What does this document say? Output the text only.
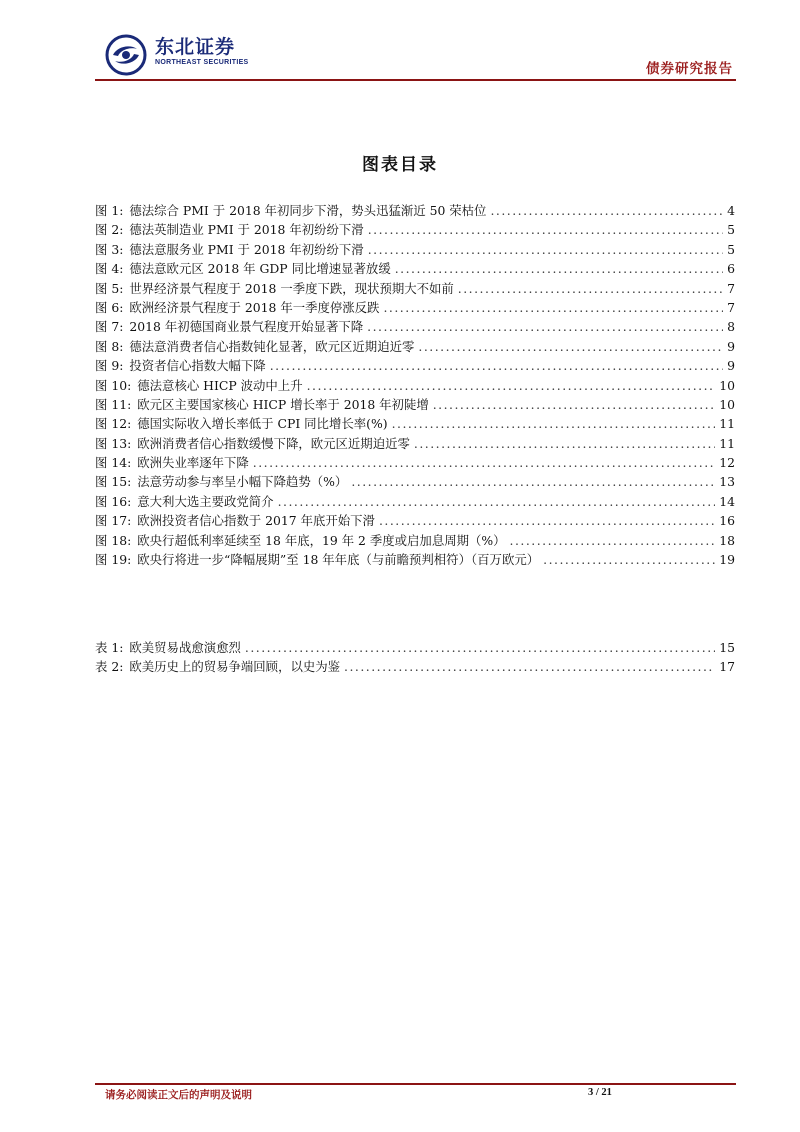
东北证券
NORTHEAST SECURITIES	债券研究报告
图表目录
图 1: 德法综合 PMI 于 2018 年初同步下滑，势头迅猛渐近 50 荣枯位 .....	4
图 2: 德法英制造业 PMI 于 2018 年初纷纷下滑 .....	5
图 3: 德法意服务业 PMI 于 2018 年初纷纷下滑 .....	5
图 4: 德法意欧元区 2018 年 GDP 同比增速显著放缓 .....	6
图 5: 世界经济景气程度于 2018 一季度下跌，现状预期大不如前 .....	7
图 6: 欧洲经济景气程度于 2018 年一季度停涨反跌 .....	7
图 7: 2018 年初德国商业景气程度开始显著下降 .....	8
图 8: 德法意消费者信心指数钝化显著，欧元区近期迫近零 .....	9
图 9: 投资者信心指数大幅下降 .....	9
图 10: 德法意核心 HICP 波动中上升 .....	10
图 11: 欧元区主要国家核心 HICP 增长率于 2018 年初陡增 .....	10
图 12: 德国实际收入增长率低于 CPI 同比增长率(%) .....	11
图 13: 欧洲消费者信心指数缓慢下降，欧元区近期迫近零 .....	11
图 14: 欧洲失业率逐年下降 .....	12
图 15: 法意劳动参与率呈小幅下降趋势（%） .....	13
图 16: 意大利大选主要政党简介 .....	14
图 17: 欧洲投资者信心指数于 2017 年底开始下滑 .....	16
图 18: 欧央行超低利率延续至 18 年底，19 年 2 季度或启加息周期（%） .....	18
图 19: 欧央行将进一步“降幅展期”至 18 年年底（与前瞻预判相符）（百万欧元） .....	19
表 1: 欧美贸易战愈演愈烈 .....	15
表 2: 欧美历史上的贸易争端回顾，以史为鉴 .....	17
请务必阅读正文后的声明及说明	3 / 21
